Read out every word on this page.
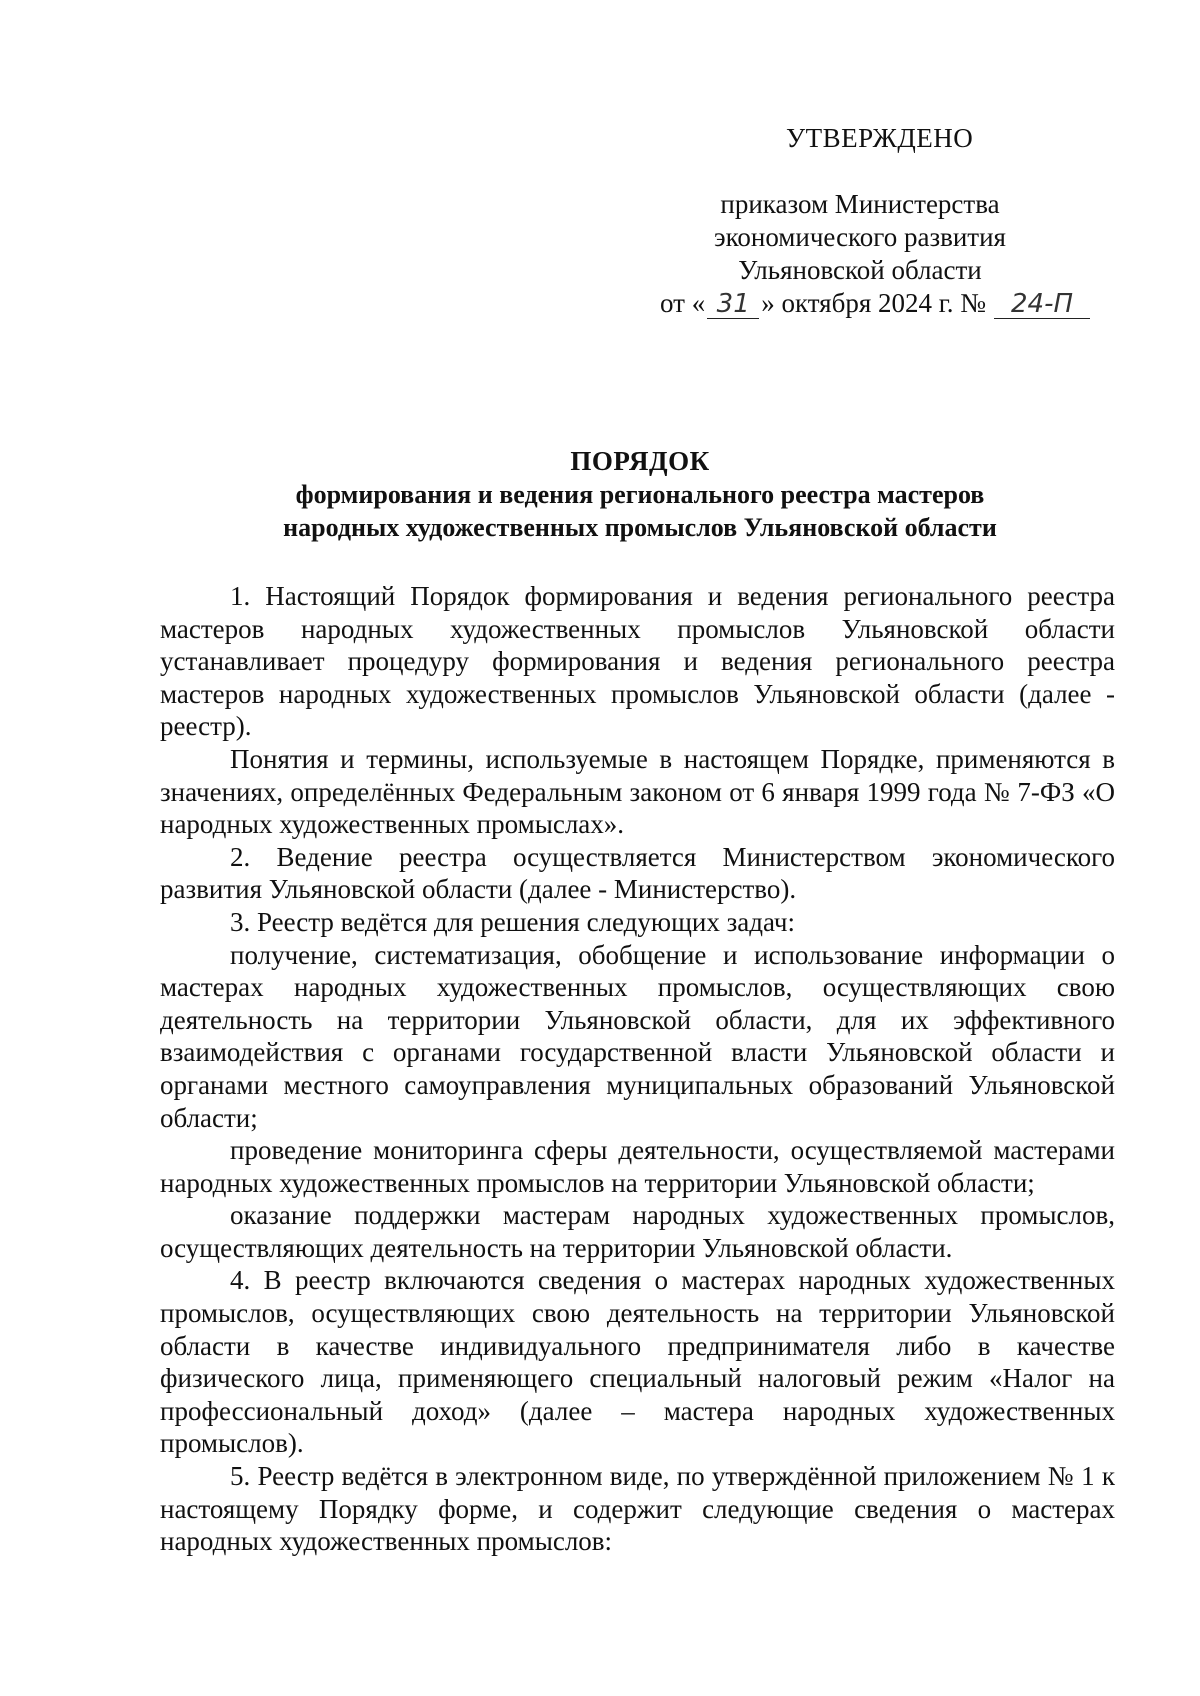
УТВЕРЖДЕНО
приказом Министерства
экономического развития
Ульяновской области
от « 31 » октября 2024 г. № 24-П
ПОРЯДОК
формирования и ведения регионального реестра мастеров
народных художественных промыслов Ульяновской области

1. Настоящий Порядок формирования и ведения регионального реестра мастеров народных художественных промыслов Ульяновской области устанавливает процедуру формирования и ведения регионального реестра мастеров народных художественных промыслов Ульяновской области (далее - реестр).

Понятия и термины, используемые в настоящем Порядке, применяются в значениях, определённых Федеральным законом от 6 января 1999 года № 7-ФЗ «О народных художественных промыслах».

2. Ведение реестра осуществляется Министерством экономического развития Ульяновской области (далее - Министерство).

3. Реестр ведётся для решения следующих задач:

получение, систематизация, обобщение и использование информации о мастерах народных художественных промыслов, осуществляющих свою деятельность на территории Ульяновской области, для их эффективного взаимодействия с органами государственной власти Ульяновской области и органами местного самоуправления муниципальных образований Ульяновской области;

проведение мониторинга сферы деятельности, осуществляемой мастерами народных художественных промыслов на территории Ульяновской области;

оказание поддержки мастерам народных художественных промыслов, осуществляющих деятельность на территории Ульяновской области.

4. В реестр включаются сведения о мастерах народных художественных промыслов, осуществляющих свою деятельность на территории Ульяновской области в качестве индивидуального предпринимателя либо в качестве физического лица, применяющего специальный налоговый режим «Налог на профессиональный доход» (далее – мастера народных художественных промыслов).

5. Реестр ведётся в электронном виде, по утверждённой приложением № 1 к настоящему Порядку форме, и содержит следующие сведения о мастерах народных художественных промыслов:
